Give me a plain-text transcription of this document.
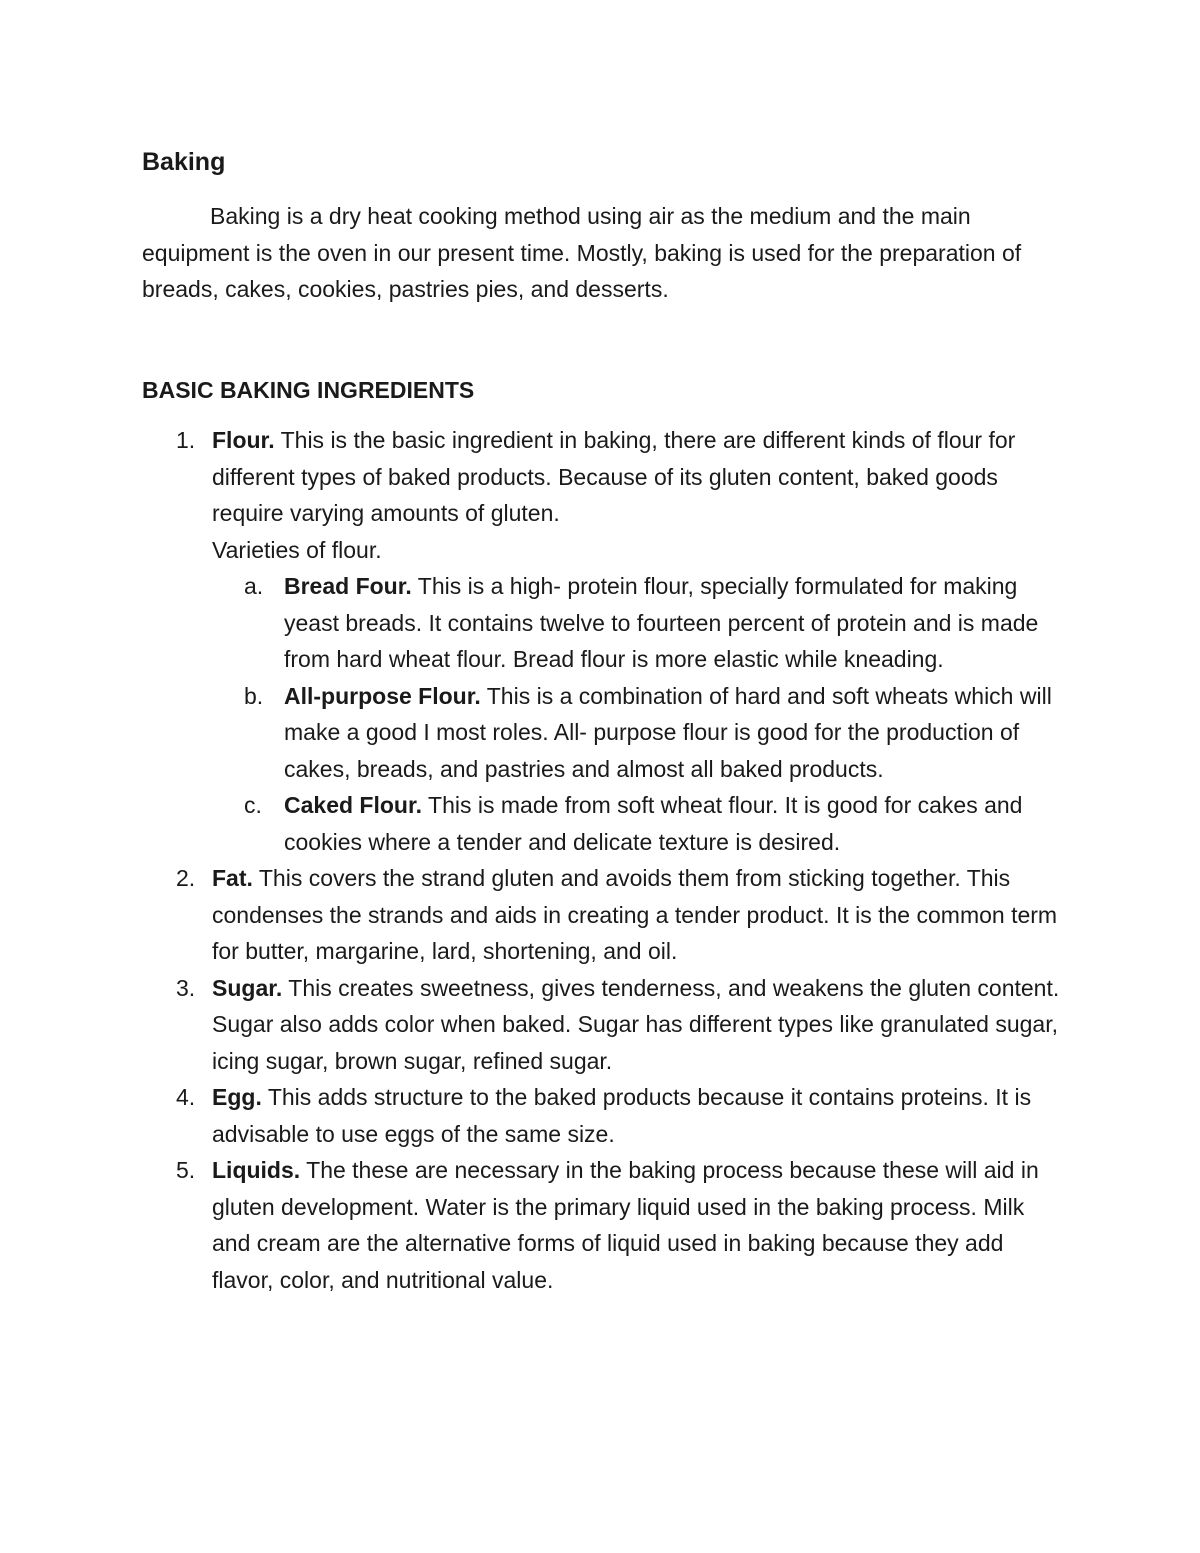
Baking

Baking is a dry heat cooking method using air as the medium and the main equipment is the oven in our present time. Mostly, baking is used for the preparation of breads, cakes, cookies, pastries pies, and desserts.

BASIC BAKING INGREDIENTS
1. Flour. This is the basic ingredient in baking, there are different kinds of flour for different types of baked products. Because of its gluten content, baked goods require varying amounts of gluten.
Varieties of flour.
a. Bread Four. This is a high- protein flour, specially formulated for making yeast breads. It contains twelve to fourteen percent of protein and is made from hard wheat flour. Bread flour is more elastic while kneading.
b. All-purpose Flour. This is a combination of hard and soft wheats which will make a good I most roles. All- purpose flour is good for the production of cakes, breads, and pastries and almost all baked products.
c. Caked Flour. This is made from soft wheat flour. It is good for cakes and cookies where a tender and delicate texture is desired.
2. Fat. This covers the strand gluten and avoids them from sticking together. This condenses the strands and aids in creating a tender product. It is the common term for butter, margarine, lard, shortening, and oil.
3. Sugar. This creates sweetness, gives tenderness, and weakens the gluten content. Sugar also adds color when baked. Sugar has different types like granulated sugar, icing sugar, brown sugar, refined sugar.
4. Egg. This adds structure to the baked products because it contains proteins. It is advisable to use eggs of the same size.
5. Liquids. The these are necessary in the baking process because these will aid in gluten development. Water is the primary liquid used in the baking process. Milk and cream are the alternative forms of liquid used in baking because they add flavor, color, and nutritional value.
